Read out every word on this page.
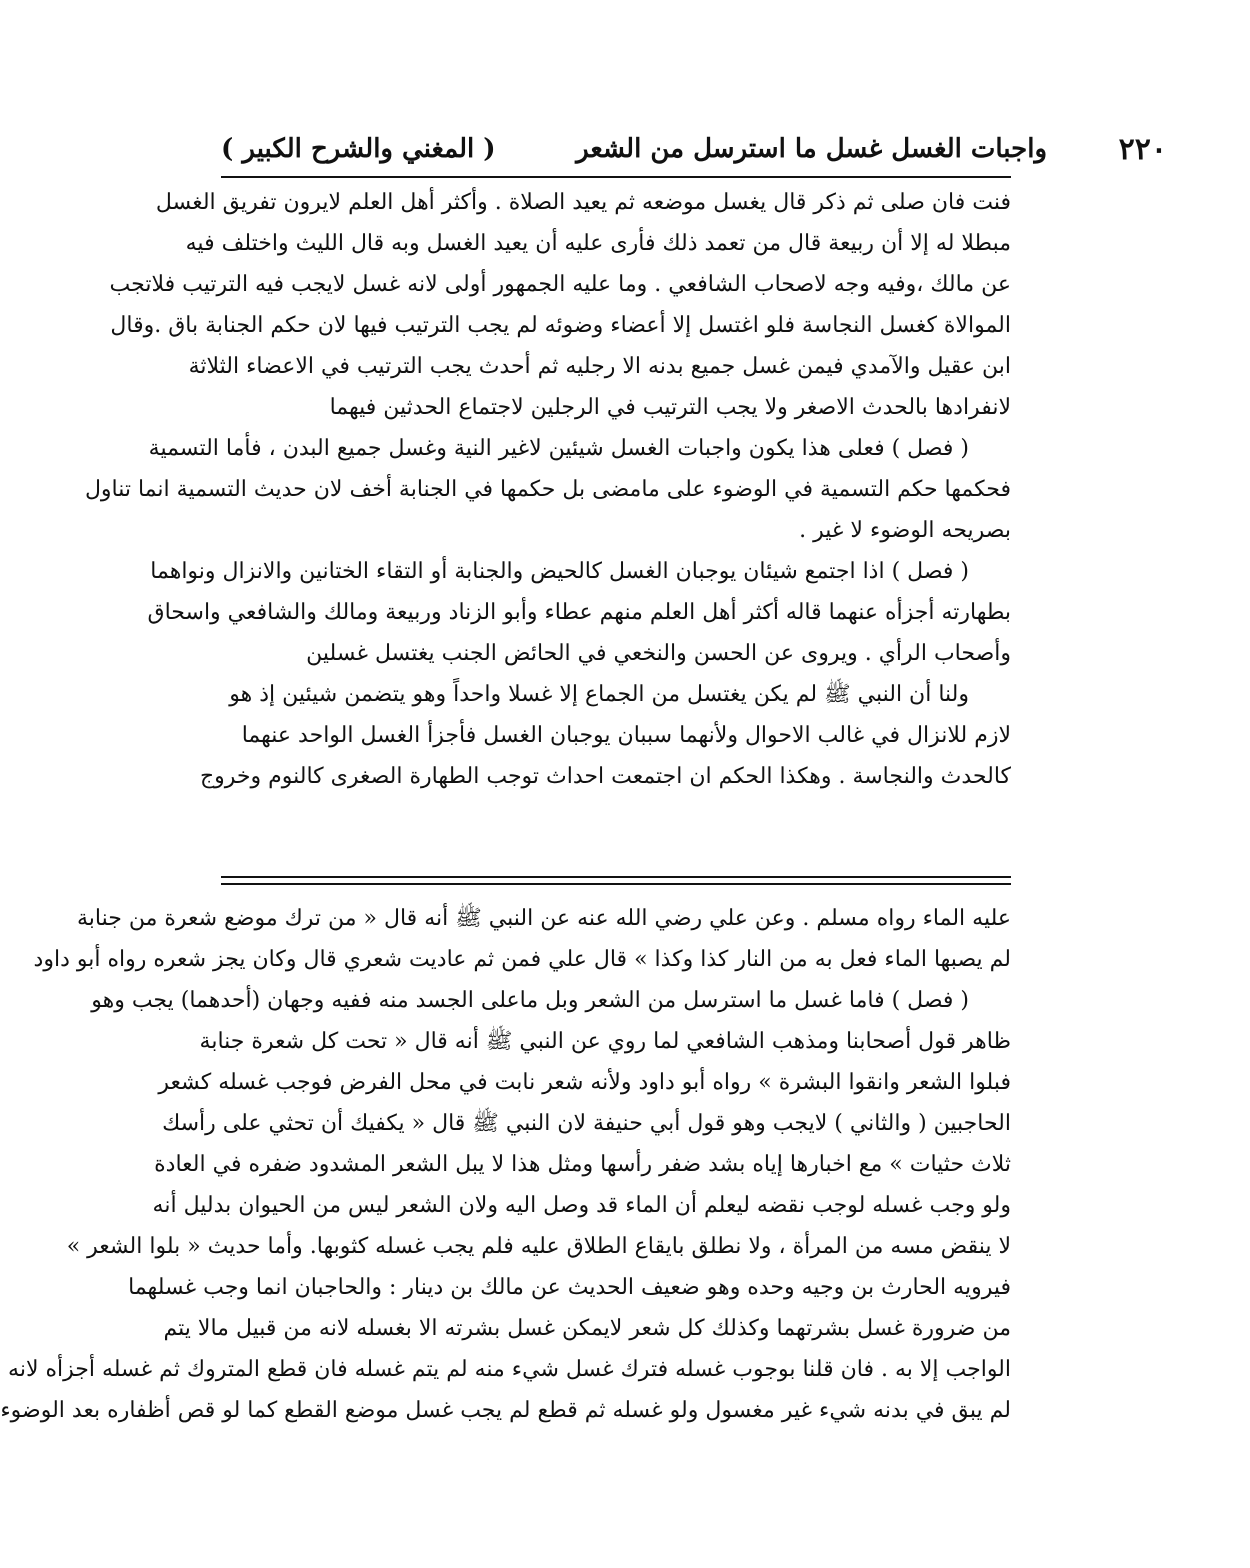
٢٢٠
واجبات الغسل غسل ما استرسل من الشعر
( المغني والشرح الكبير )
فنت فان صلى ثم ذكر قال يغسل موضعه ثم يعيد الصلاة . وأكثر أهل العلم لايرون تفريق الغسل
مبطلا له إلا أن ربيعة قال من تعمد ذلك فأرى عليه أن يعيد الغسل وبه قال الليث واختلف فيه
عن مالك ،وفيه وجه لاصحاب الشافعي . وما عليه الجمهور أولى لانه غسل لايجب فيه الترتيب فلاتجب
الموالاة كغسل النجاسة فلو اغتسل إلا أعضاء وضوئه لم يجب الترتيب فيها لان حكم الجنابة باق .وقال
ابن عقيل والآمدي فيمن غسل جميع بدنه الا رجليه ثم أحدث يجب الترتيب في الاعضاء الثلاثة
لانفرادها بالحدث الاصغر ولا يجب الترتيب في الرجلين لاجتماع الحدثين فيهما
( فصل ) فعلى هذا يكون واجبات الغسل شيئين لاغير النية وغسل جميع البدن ، فأما التسمية
فحكمها حكم التسمية في الوضوء على مامضى بل حكمها في الجنابة أخف لان حديث التسمية انما تناول
بصريحه الوضوء لا غير .
( فصل ) اذا اجتمع شيئان يوجبان الغسل كالحيض والجنابة أو التقاء الختانين والانزال ونواهما
بطهارته أجزأه عنهما قاله أكثر أهل العلم منهم عطاء وأبو الزناد وربيعة ومالك والشافعي واسحاق
وأصحاب الرأي . ويروى عن الحسن والنخعي في الحائض الجنب يغتسل غسلين
ولنا أن النبي ﷺ لم يكن يغتسل من الجماع إلا غسلا واحداً وهو يتضمن شيئين إذ هو
لازم للانزال في غالب الاحوال ولأنهما سببان يوجبان الغسل فأجزأ الغسل الواحد عنهما
كالحدث والنجاسة . وهكذا الحكم ان اجتمعت احداث توجب الطهارة الصغرى كالنوم وخروج
عليه الماء رواه مسلم . وعن علي رضي الله عنه عن النبي ﷺ أنه قال « من ترك موضع شعرة من جنابة
لم يصبها الماء فعل به من النار كذا وكذا » قال علي فمن ثم عاديت شعري قال وكان يجز شعره رواه أبو داود
( فصل ) فاما غسل ما استرسل من الشعر وبل ماعلى الجسد منه ففيه وجهان (أحدهما) يجب وهو
ظاهر قول أصحابنا ومذهب الشافعي لما روي عن النبي ﷺ أنه قال « تحت كل شعرة جنابة
فبلوا الشعر وانقوا البشرة » رواه أبو داود ولأنه شعر نابت في محل الفرض فوجب غسله كشعر
الحاجبين ( والثاني ) لايجب وهو قول أبي حنيفة لان النبي ﷺ قال « يكفيك أن تحثي على رأسك
ثلاث حثيات » مع اخبارها إياه بشد ضفر رأسها ومثل هذا لا يبل الشعر المشدود ضفره في العادة
ولو وجب غسله لوجب نقضه ليعلم أن الماء قد وصل اليه ولان الشعر ليس من الحيوان بدليل أنه
لا ينقض مسه من المرأة ، ولا نطلق بايقاع الطلاق عليه فلم يجب غسله كثوبها. وأما حديث « بلوا الشعر »
فيرويه الحارث بن وجيه وحده وهو ضعيف الحديث عن مالك بن دينار : والحاجبان انما وجب غسلهما
من ضرورة غسل بشرتهما وكذلك كل شعر لايمكن غسل بشرته الا بغسله لانه من قبيل مالا يتم
الواجب إلا به . فان قلنا بوجوب غسله فترك غسل شيء منه لم يتم غسله فان قطع المتروك ثم غسله أجزأه لانه
لم يبق في بدنه شيء غير مغسول ولو غسله ثم قطع لم يجب غسل موضع القطع كما لو قص أظفاره بعد الوضوء
